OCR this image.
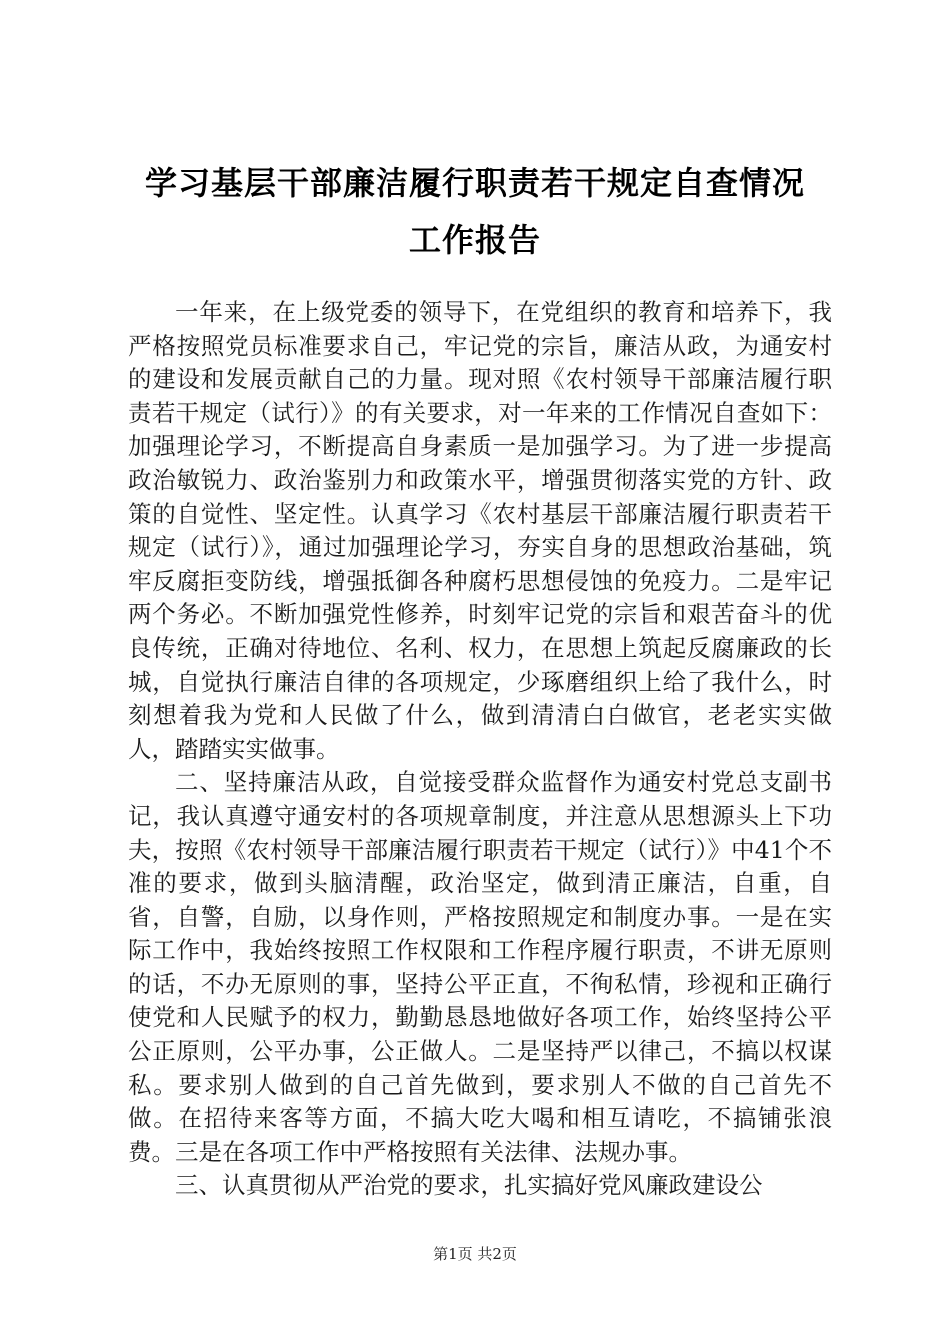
学习基层干部廉洁履行职责若干规定自查情况
工作报告

一年来，在上级党委的领导下，在党组织的教育和培养下，我严格按照党员标准要求自己，牢记党的宗旨，廉洁从政，为通安村的建设和发展贡献自己的力量。现对照《农村领导干部廉洁履行职责若干规定（试行）》的有关要求，对一年来的工作情况自查如下：加强理论学习，不断提高自身素质一是加强学习。为了进一步提高政治敏锐力、政治鉴别力和政策水平，增强贯彻落实党的方针、政策的自觉性、坚定性。认真学习《农村基层干部廉洁履行职责若干规定（试行）》，通过加强理论学习，夯实自身的思想政治基础，筑牢反腐拒变防线，增强抵御各种腐朽思想侵蚀的免疫力。二是牢记两个务必。不断加强党性修养，时刻牢记党的宗旨和艰苦奋斗的优良传统，正确对待地位、名利、权力，在思想上筑起反腐廉政的长城，自觉执行廉洁自律的各项规定，少琢磨组织上给了我什么，时刻想着我为党和人民做了什么，做到清清白白做官，老老实实做人，踏踏实实做事。

二、坚持廉洁从政，自觉接受群众监督作为通安村党总支副书记，我认真遵守通安村的各项规章制度，并注意从思想源头上下功夫，按照《农村领导干部廉洁履行职责若干规定（试行）》中41个不准的要求，做到头脑清醒，政治坚定，做到清正廉洁，自重，自省，自警，自励，以身作则，严格按照规定和制度办事。一是在实际工作中，我始终按照工作权限和工作程序履行职责，不讲无原则的话，不办无原则的事，坚持公平正直，不徇私情，珍视和正确行使党和人民赋予的权力，勤勤恳恳地做好各项工作，始终坚持公平公正原则，公平办事，公正做人。二是坚持严以律己，不搞以权谋私。要求别人做到的自己首先做到，要求别人不做的自己首先不做。在招待来客等方面，不搞大吃大喝和相互请吃，不搞铺张浪费。三是在各项工作中严格按照有关法律、法规办事。

三、认真贯彻从严治党的要求，扎实搞好党风廉政建设公

第1页 共2页
